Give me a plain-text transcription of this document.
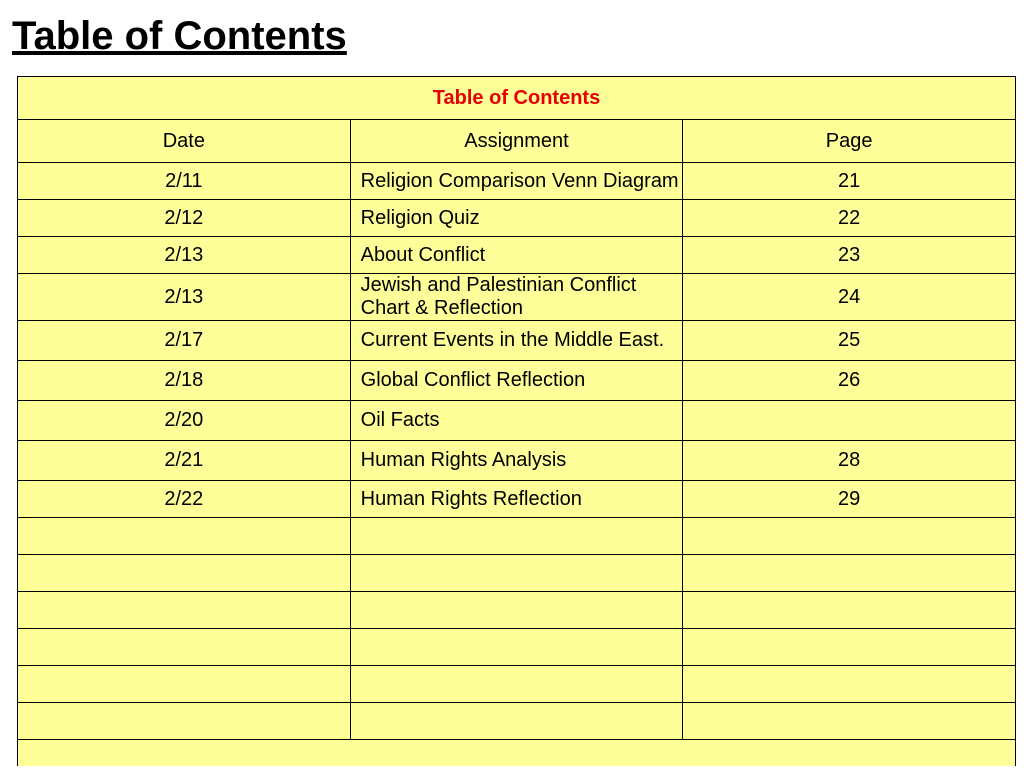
Table of Contents
Table of Contents		
Date	Assignment	Page
2/11	Religion Comparison Venn Diagram	21
2/12	Religion Quiz	22
2/13	About Conflict	23
2/13	Jewish and Palestinian Conflict Chart & Reflection	24
2/17	Current Events in the Middle East.	25
2/18	Global Conflict Reflection	26
2/20	Oil Facts	
2/21	Human Rights Analysis	28
2/22	Human Rights Reflection	29
